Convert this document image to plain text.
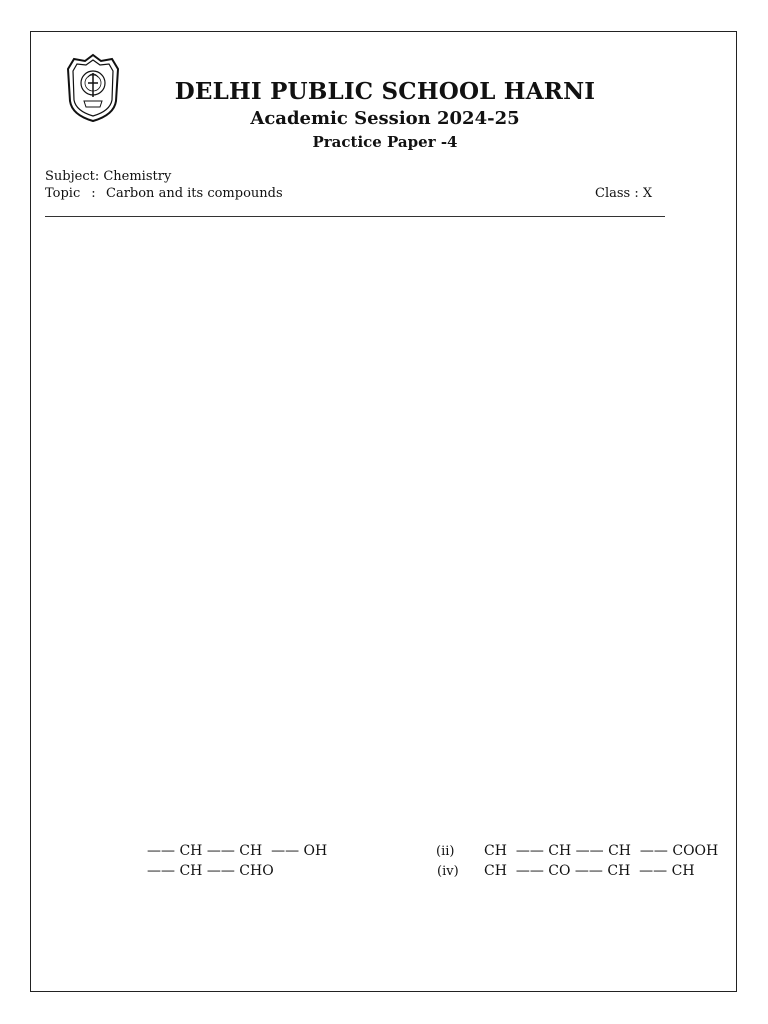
DELHI PUBLIC SCHOOL HARNI
Academic Session 2024-25
Practice Paper -4
Subject: Chemistry
Topic : Carbon and its compounds	Class : X
—— CH —— CH  —— OH	(ii) CH  —— CH —— CH  —— COOH
—— CH —— CHO	(iv) CH  —— CO —— CH  —— CH
